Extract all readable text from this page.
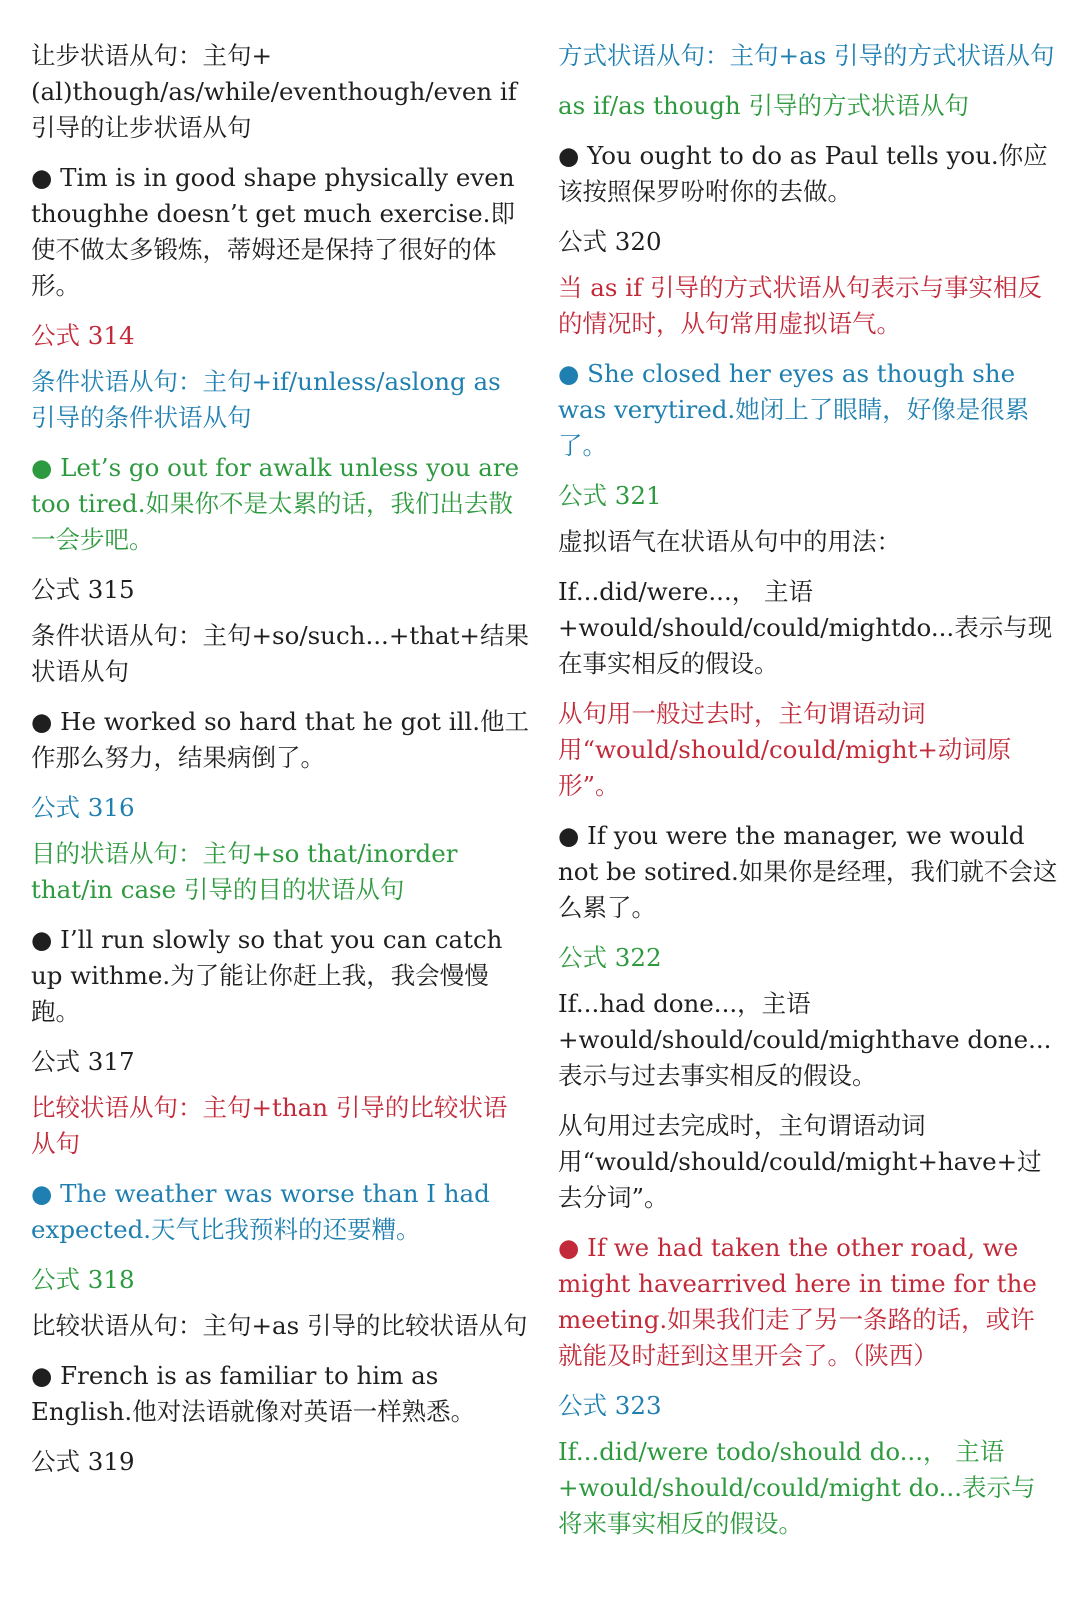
让步状语从句：主句+(al)though/as/while/eventhough/even if 引导的让步状语从句

● Tim is in good shape physically even thoughhe doesn’t get much exercise.即使不做太多锻炼，蒂姆还是保持了很好的体形。

公式 314

条件状语从句：主句+if/unless/aslong as 引导的条件状语从句

● Let’s go out for awalk unless you are too tired.如果你不是太累的话，我们出去散一会步吧。

公式 315

条件状语从句：主句+so/such...+that+结果状语从句

● He worked so hard that he got ill.他工作那么努力，结果病倒了。

公式 316

目的状语从句：主句+so that/inorder that/in case 引导的目的状语从句

● I’ll run slowly so that you can catch up withme.为了能让你赶上我，我会慢慢跑。

公式 317

比较状语从句：主句+than 引导的比较状语从句

● The weather was worse than I had expected.天气比我预料的还要糟。

公式 318

比较状语从句：主句+as 引导的比较状语从句

● French is as familiar to him as English.他对法语就像对英语一样熟悉。

公式 319

方式状语从句：主句+as 引导的方式状语从句

as if/as though 引导的方式状语从句

● You ought to do as Paul tells you.你应该按照保罗吩咐你的去做。

公式 320

当 as if 引导的方式状语从句表示与事实相反的情况时，从句常用虚拟语气。

● She closed her eyes as though she was verytired.她闭上了眼睛，好像是很累了。

公式 321

虚拟语气在状语从句中的用法：

If...did/were...， 主语+would/should/could/mightdo...表示与现在事实相反的假设。

从句用一般过去时，主句谓语动词用“would/should/could/might+动词原形”。

● If you were the manager, we would not be sotired.如果你是经理，我们就不会这么累了。

公式 322

If...had done...，主语+would/should/could/mighthave done...表示与过去事实相反的假设。

从句用过去完成时，主句谓语动词用“would/should/could/might+have+过去分词”。

● If we had taken the other road, we might havearrived here in time for the meeting.如果我们走了另一条路的话，或许就能及时赶到这里开会了。（陕西）

公式 323

If...did/were todo/should do...， 主语+would/should/could/might do...表示与将来事实相反的假设。
